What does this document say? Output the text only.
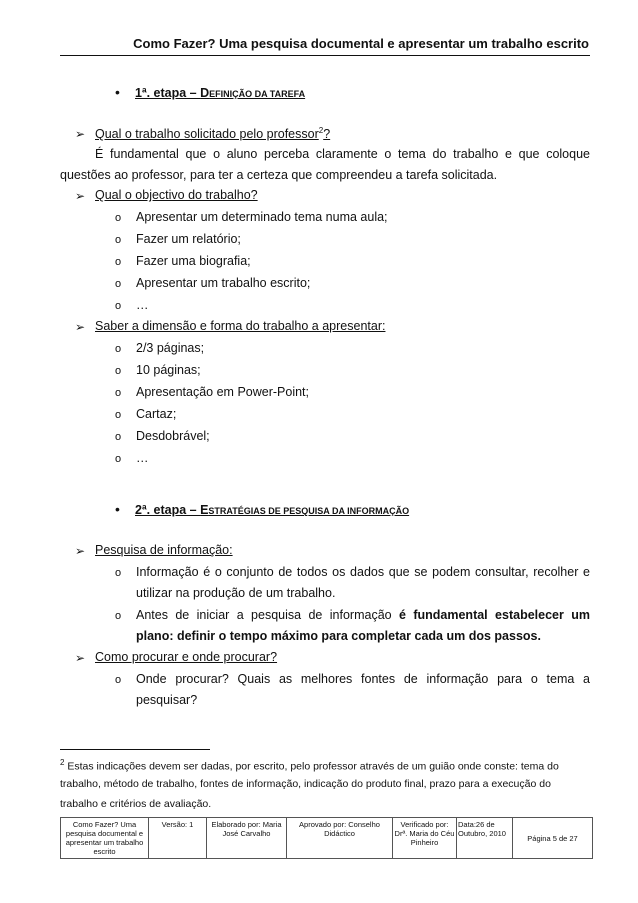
Como Fazer? Uma pesquisa documental e apresentar um trabalho escrito
• 1ª. etapa – DEFINIÇÃO DA TAREFA
➢ Qual o trabalho solicitado pelo professor$^2$?
É fundamental que o aluno perceba claramente o tema do trabalho e que coloque
questões ao professor, para ter a certeza que compreendeu a tarefa solicitada.
➢ Qual o objectivo do trabalho?
o Apresentar um determinado tema numa aula;
o Fazer um relatório;
o Fazer uma biografia;
o Apresentar um trabalho escrito;
o …
➢ Saber a dimensão e forma do trabalho a apresentar:
o 2/3 páginas;
o 10 páginas;
o Apresentação em Power-Point;
o Cartaz;
o Desdobrável;
o …
• 2ª. etapa – ESTRATÉGIAS DE PESQUISA DA INFORMAÇÃO
➢ Pesquisa de informação:
o Informação é o conjunto de todos os dados que se podem consultar, recolher e
utilizar na produção de um trabalho.
o Antes de iniciar a pesquisa de informação é fundamental estabelecer um
plano: definir o tempo máximo para completar cada um dos passos.
➢ Como procurar e onde procurar?
o Onde procurar? Quais as melhores fontes de informação para o tema a
pesquisar?
$^2$ Estas indicações devem ser dadas, por escrito, pelo professor através de um guião onde conste: tema do
trabalho, método de trabalho, fontes de informação, indicação do produto final, prazo para a execução do
trabalho e critérios de avaliação.
Como Fazer? Uma pesquisa documental e apresentar um trabalho escrito	Versão: 1	Elaborado por: Maria José Carvalho	Aprovado por: Conselho Didáctico	Verificado por: Drª. Maria do Céu Pinheiro	Data:26 de Outubro, 2010	Página 5 de 27
